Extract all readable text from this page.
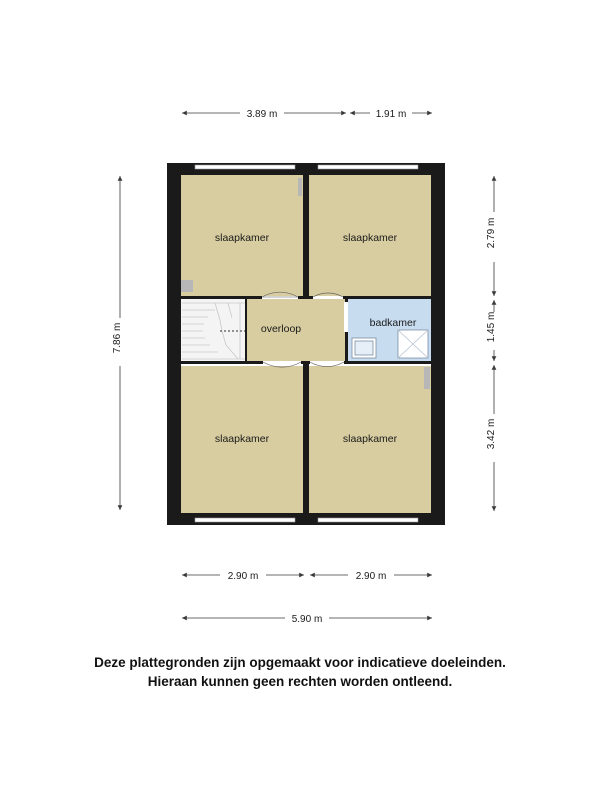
slaapkamer	slaapkamer
overloop	badkamer
slaapkamer	slaapkamer
3.89 m	1.91 m
7.86 m
2.79 m
1.45 m
3.42 m
2.90 m	2.90 m
5.90 m
Deze plattegronden zijn opgemaakt voor indicatieve doeleinden.
Hieraan kunnen geen rechten worden ontleend.
